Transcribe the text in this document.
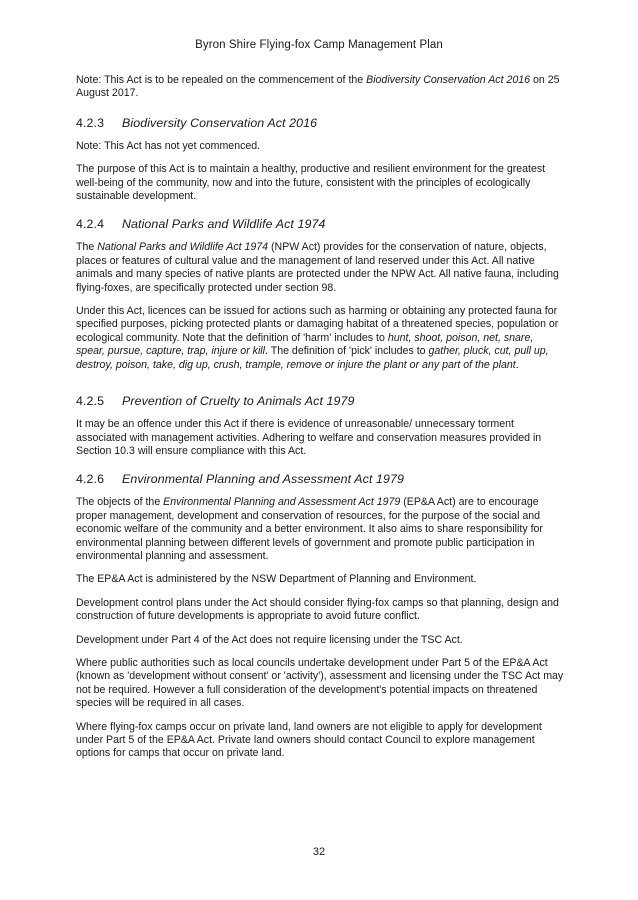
Byron Shire Flying-fox Camp Management Plan

Note: This Act is to be repealed on the commencement of the Biodiversity Conservation Act 2016 on 25 August 2017.

4.2.3	Biodiversity Conservation Act 2016

Note: This Act has not yet commenced.

The purpose of this Act is to maintain a healthy, productive and resilient environment for the greatest well-being of the community, now and into the future, consistent with the principles of ecologically sustainable development.

4.2.4	National Parks and Wildlife Act 1974

The National Parks and Wildlife Act 1974 (NPW Act) provides for the conservation of nature, objects, places or features of cultural value and the management of land reserved under this Act. All native animals and many species of native plants are protected under the NPW Act. All native fauna, including flying-foxes, are specifically protected under section 98.

Under this Act, licences can be issued for actions such as harming or obtaining any protected fauna for specified purposes, picking protected plants or damaging habitat of a threatened species, population or ecological community. Note that the definition of 'harm' includes to hunt, shoot, poison, net, snare, spear, pursue, capture, trap, injure or kill. The definition of 'pick' includes to gather, pluck, cut, pull up, destroy, poison, take, dig up, crush, trample, remove or injure the plant or any part of the plant.

4.2.5	Prevention of Cruelty to Animals Act 1979

It may be an offence under this Act if there is evidence of unreasonable/ unnecessary torment associated with management activities. Adhering to welfare and conservation measures provided in Section 10.3 will ensure compliance with this Act.

4.2.6	Environmental Planning and Assessment Act 1979

The objects of the Environmental Planning and Assessment Act 1979 (EP&A Act) are to encourage proper management, development and conservation of resources, for the purpose of the social and economic welfare of the community and a better environment. It also aims to share responsibility for environmental planning between different levels of government and promote public participation in environmental planning and assessment.

The EP&A Act is administered by the NSW Department of Planning and Environment.

Development control plans under the Act should consider flying-fox camps so that planning, design and construction of future developments is appropriate to avoid future conflict.

Development under Part 4 of the Act does not require licensing under the TSC Act.

Where public authorities such as local councils undertake development under Part 5 of the EP&A Act (known as 'development without consent' or 'activity'), assessment and licensing under the TSC Act may not be required. However a full consideration of the development's potential impacts on threatened species will be required in all cases.

Where flying-fox camps occur on private land, land owners are not eligible to apply for development under Part 5 of the EP&A Act. Private land owners should contact Council to explore management options for camps that occur on private land.

32
